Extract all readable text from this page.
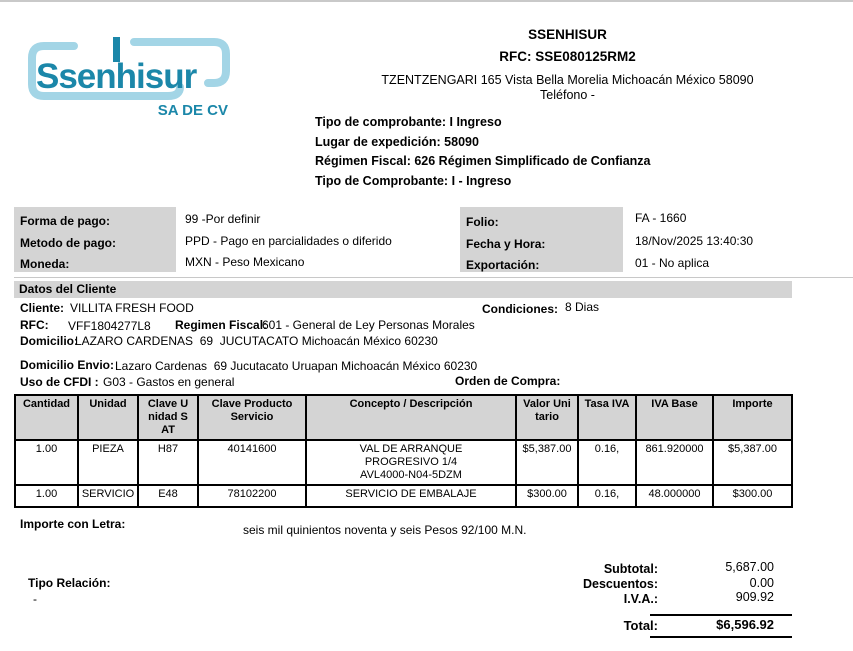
Ssenhisur
SA DE CV
SSENHISUR
RFC: SSE080125RM2
TZENTZENGARI 165 Vista Bella Morelia Michoacán México 58090
Teléfono -
Tipo de comprobante: I Ingreso
Lugar de expedición: 58090
Régimen Fiscal: 626 Régimen Simplificado de Confianza
Tipo de Comprobante: I - Ingreso
Forma de pago:	99 -Por definir
Metodo de pago:	PPD - Pago en parcialidades o diferido
Moneda:	MXN - Peso Mexicano
Folio:	FA - 1660
Fecha y Hora:	18/Nov/2025 13:40:30
Exportación:	01 - No aplica
Datos del Cliente
Cliente: VILLITA FRESH FOOD	Condiciones: 8 Dias
RFC: VFF1804277L8 Regimen Fiscal:
601 - General de Ley Personas Morales
Domicilio:
LAZARO CARDENAS  69  JUCUTACATO Michoacán México 60230
Domicilio Envio: Lazaro Cardenas  69 Jucutacato Uruapan Michoacán México 60230
Uso de CFDI : G03 - Gastos en general	Orden de Compra:
Cantidad	Unidad	Clave Unidad SAT	Clave Producto Servicio	Concepto / Descripción	Valor Unitario	Tasa IVA	IVA Base	Importe
1.00	PIEZA	H87	40141600	VAL DE ARRANQUE PROGRESIVO 1/4 AVL4000-N04-5DZM	$5,387.00	0.16,	861.920000	$5,387.00
1.00	SERVICIO	E48	78102200	SERVICIO DE EMBALAJE	$300.00	0.16,	48.000000	$300.00
Importe con Letra:	seis mil quinientos noventa y seis Pesos 92/100 M.N.
Subtotal:	5,687.00
Descuentos:	0.00
I.V.A.:	909.92
Total:	$6,596.92
Tipo Relación:
-
